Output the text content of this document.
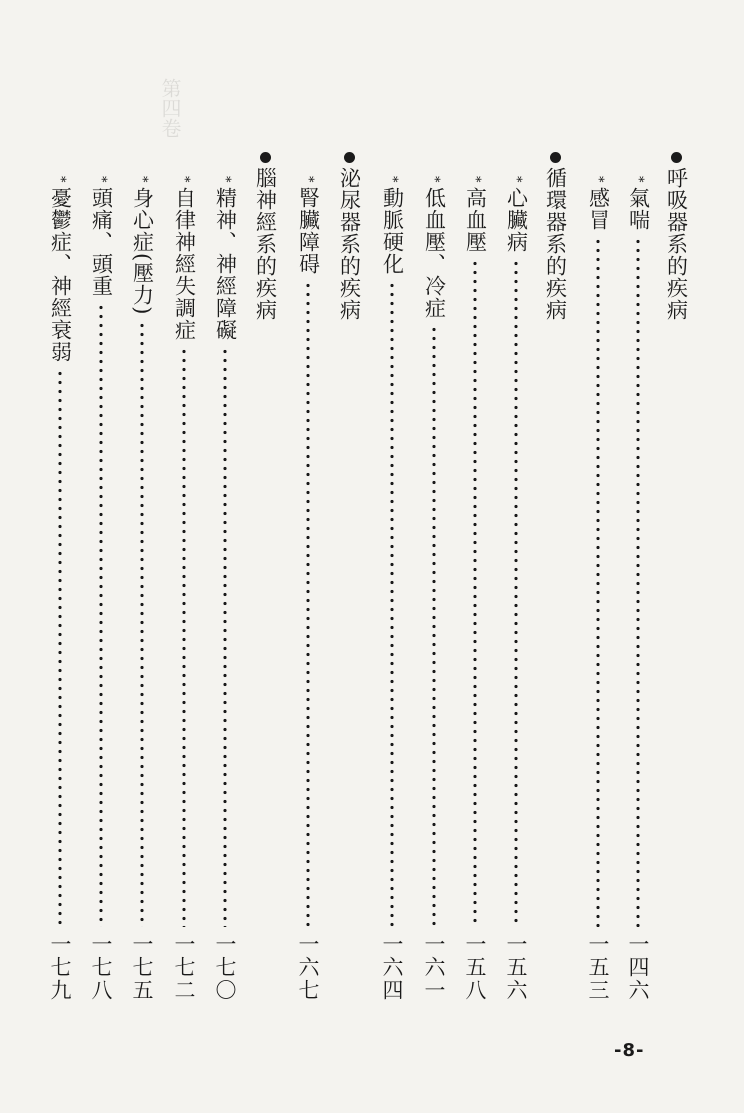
第四卷
呼吸器系的疾病
*
氣喘
一四六
*
感冒
一五三
循環器系的疾病
*
心臟病
一五六
*
高血壓
一五八
*
低血壓、冷症
一六一
*
動脈硬化
一六四
泌尿器系的疾病
*
腎臟障碍
一六七
腦神經系的疾病
*
精神、神經障礙
一七〇
*
自律神經失調症
一七二
*
身心症(壓力)
一七五
*
頭痛、頭重
一七八
*
憂鬱症、神經衰弱
一七九
-8-
